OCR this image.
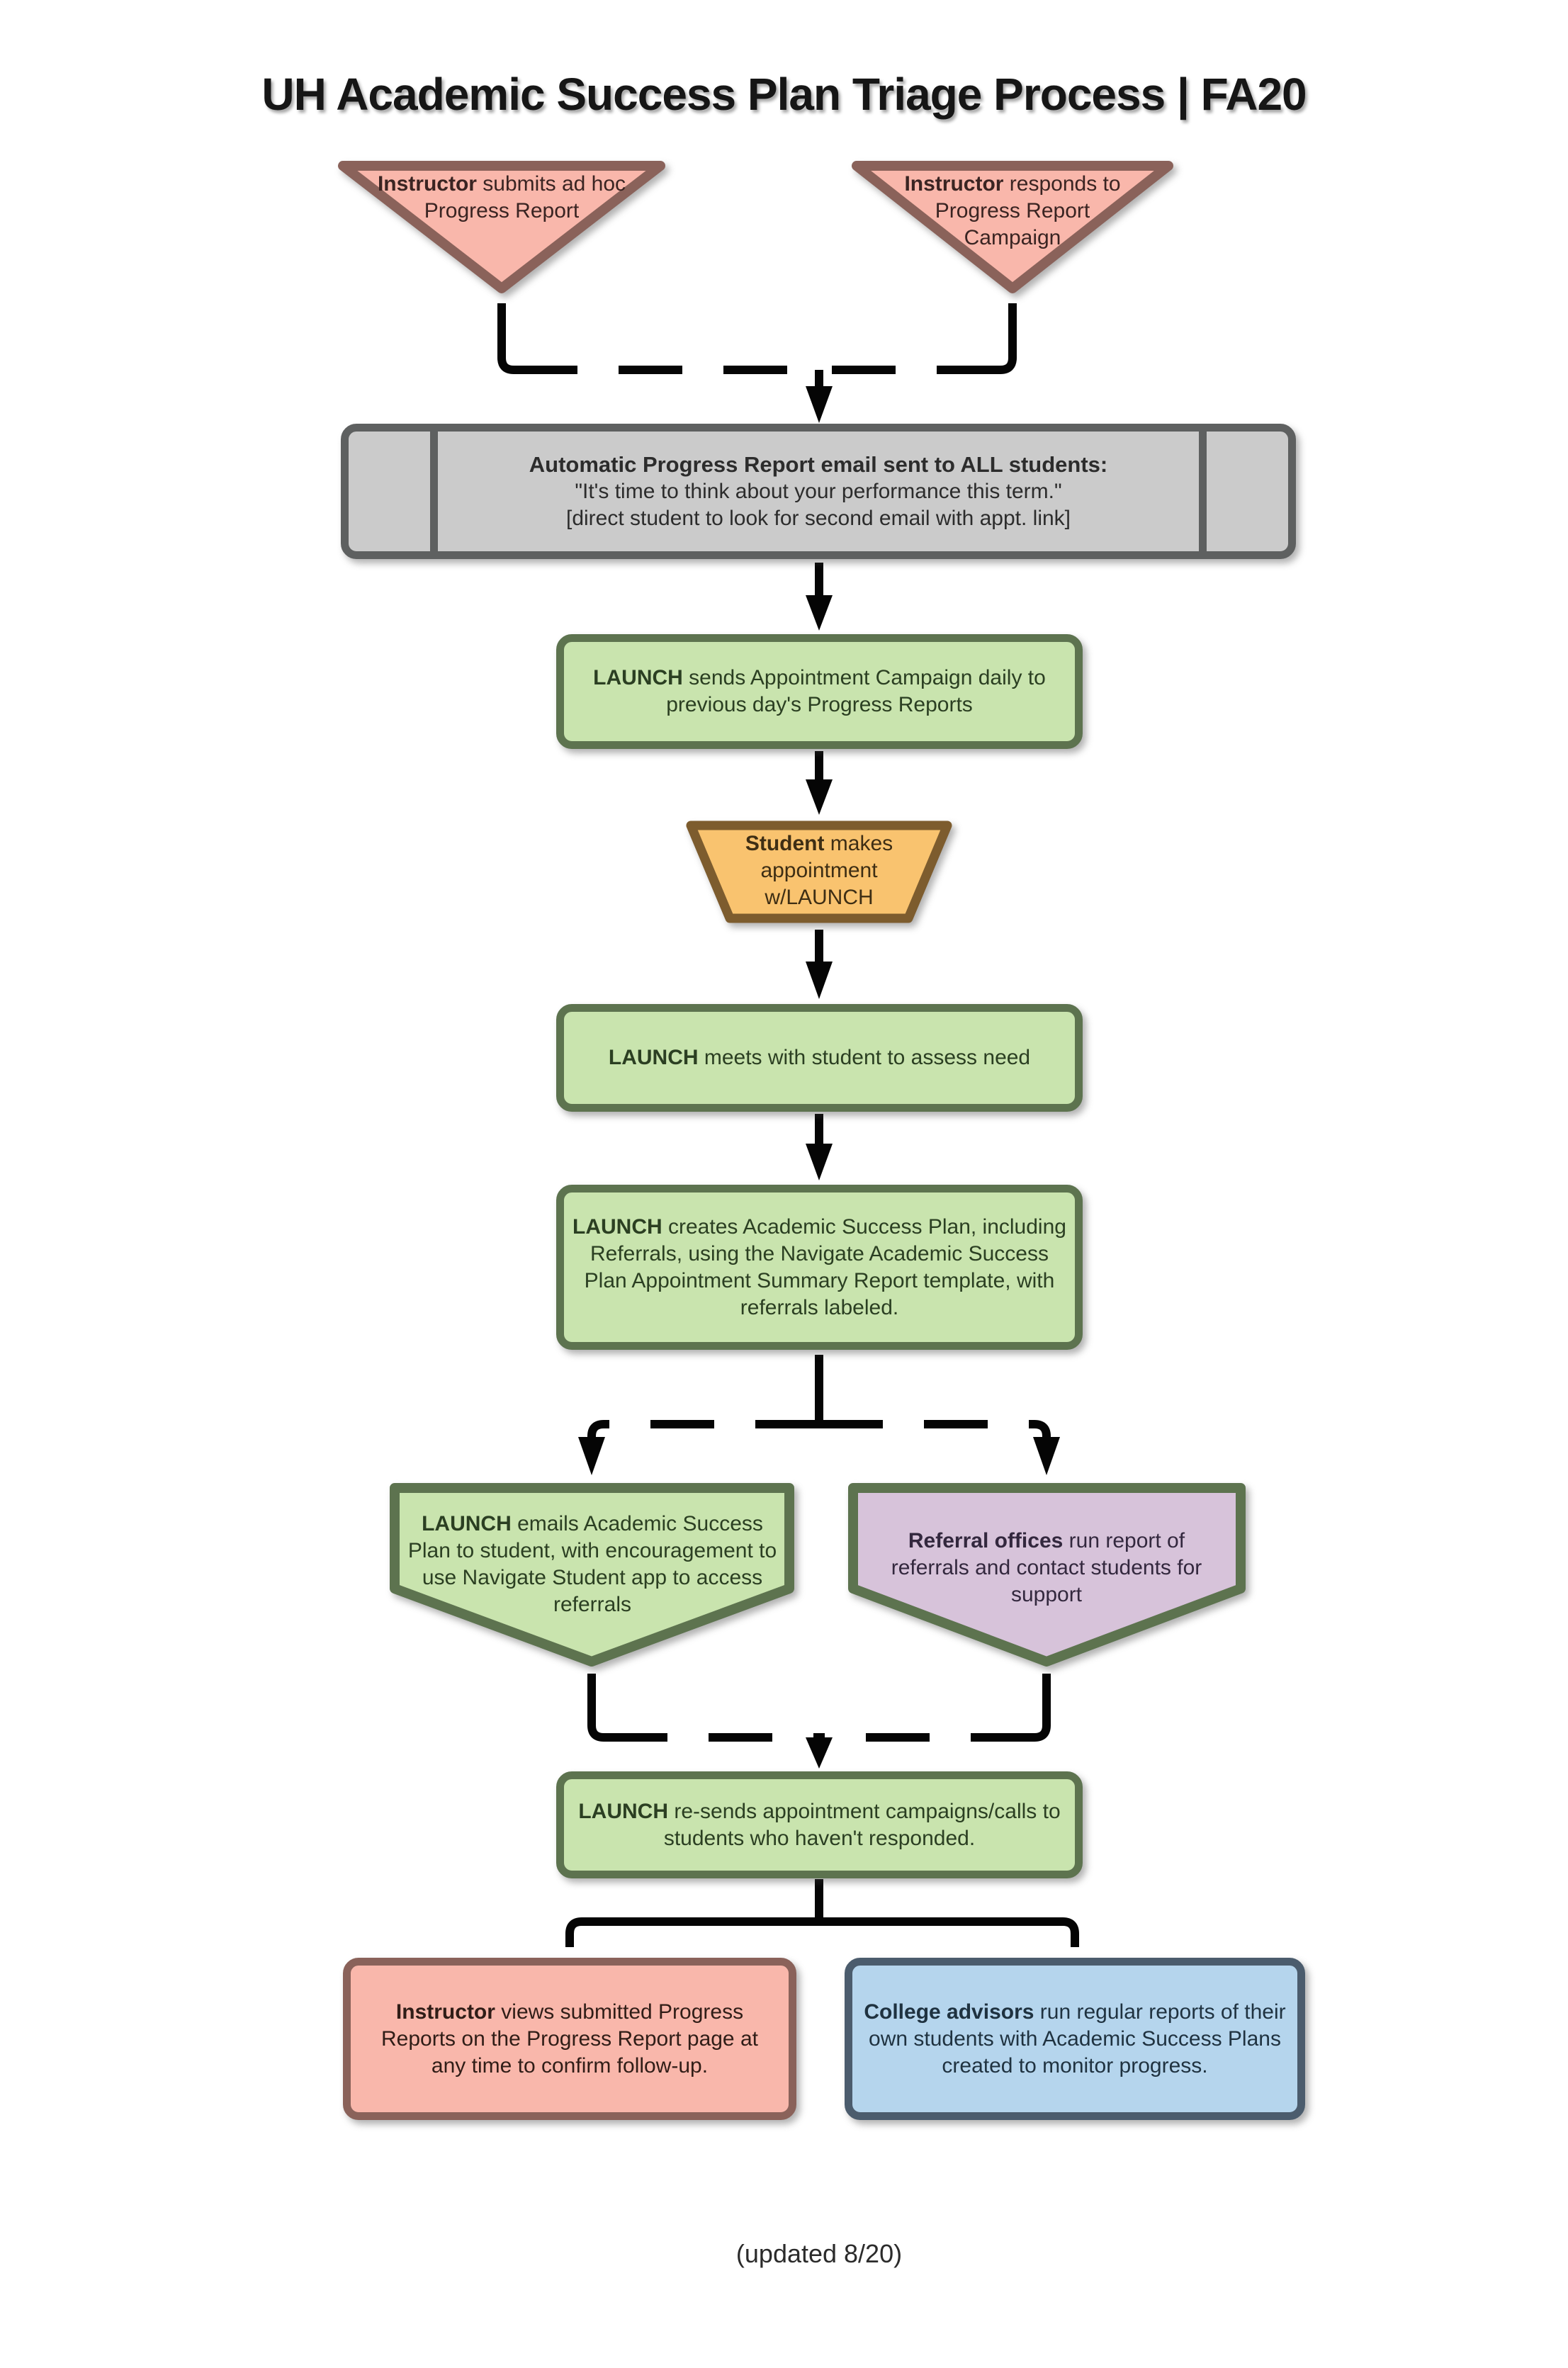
UH Academic Success Plan Triage Process | FA20
Instructor submits ad hoc Progress Report
Instructor responds to Progress Report Campaign
Automatic Progress Report email sent to ALL students:
"It's time to think about your performance this term."
[direct student to look for second email with appt. link]
LAUNCH sends Appointment Campaign daily to previous day's Progress Reports
Student makes appointment w/LAUNCH
LAUNCH meets with student to assess need
LAUNCH creates Academic Success Plan, including Referrals, using the Navigate Academic Success Plan Appointment Summary Report template, with referrals labeled.
LAUNCH emails Academic Success Plan to student, with encouragement to use Navigate Student app to access referrals
Referral offices run report of referrals and contact students for support
LAUNCH re-sends appointment campaigns/calls to students who haven't responded.
Instructor views submitted Progress Reports on the Progress Report page at any time to confirm follow-up.
College advisors run regular reports of their own students with Academic Success Plans created to monitor progress.
(updated 8/20)
